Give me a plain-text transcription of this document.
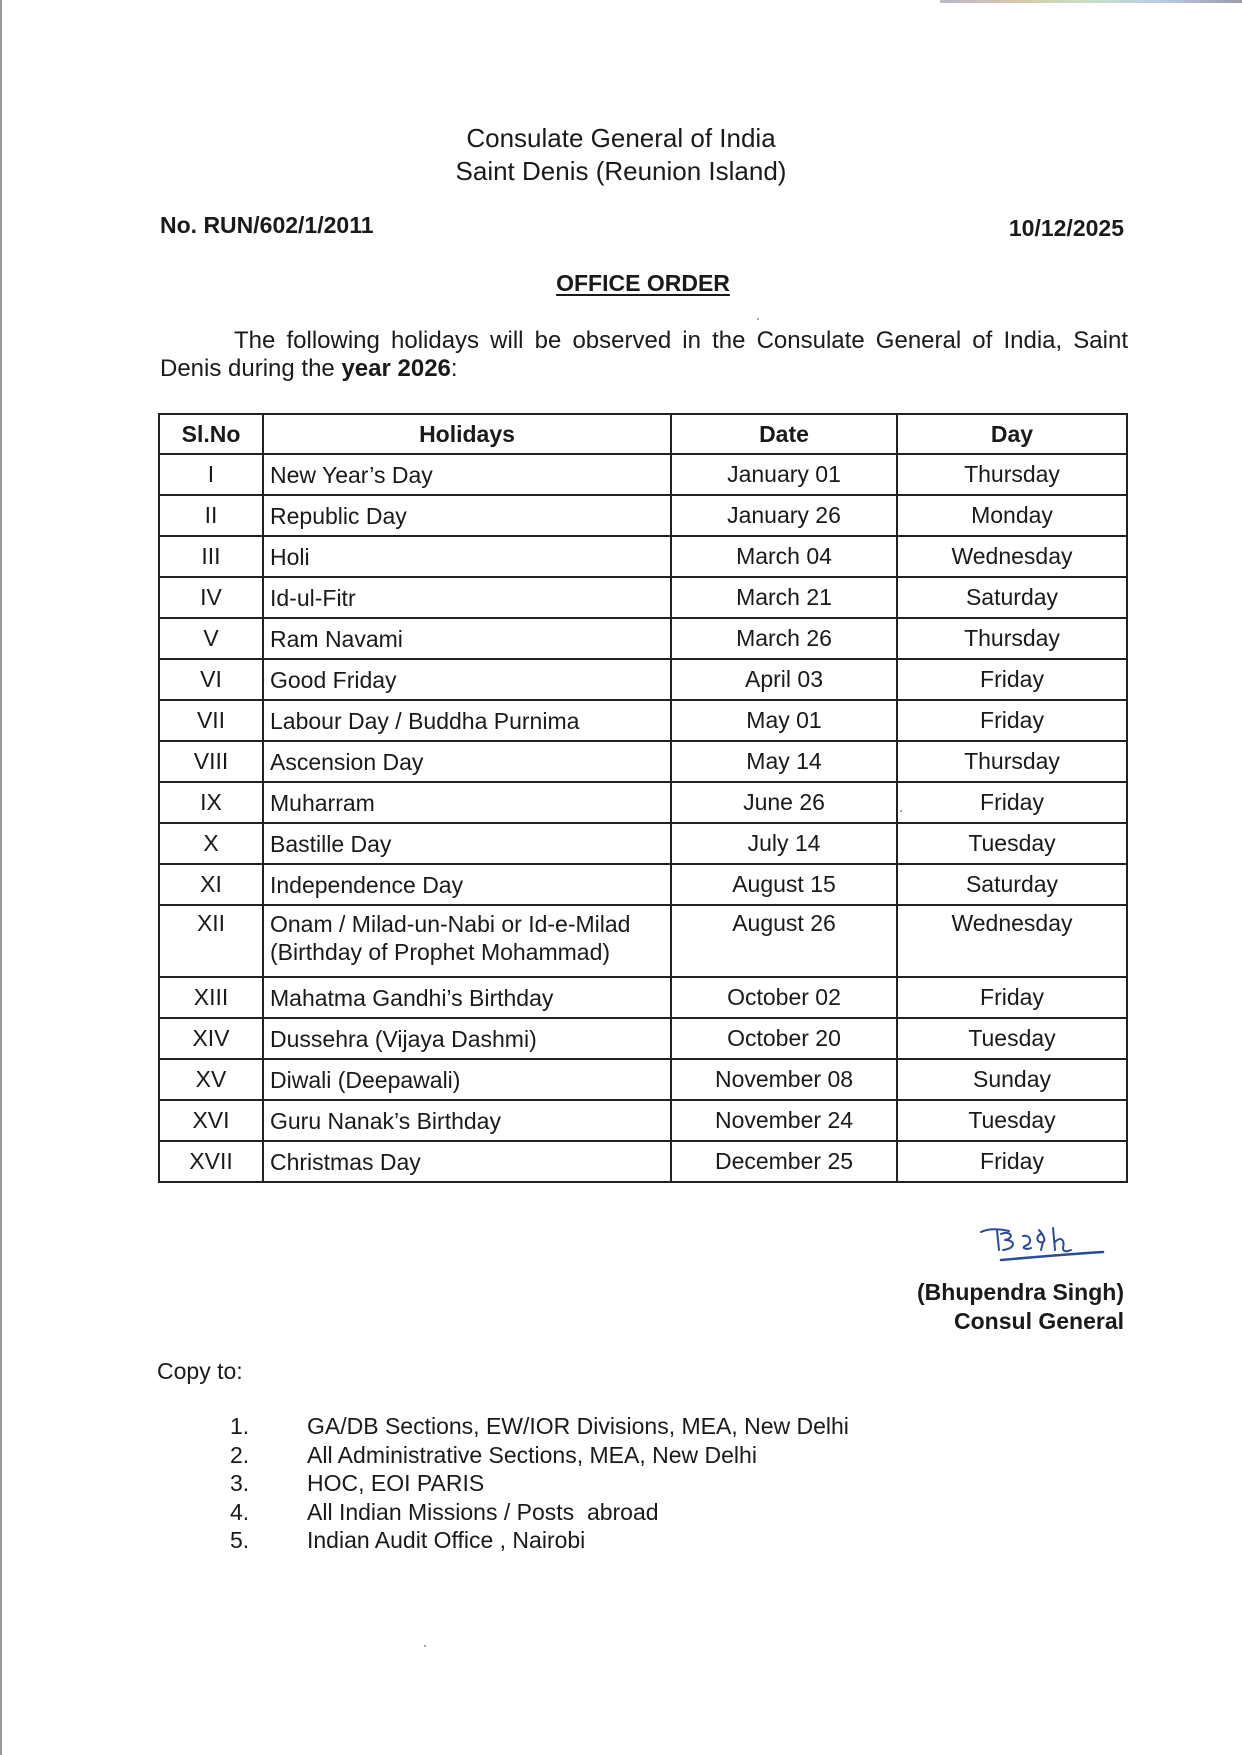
Consulate General of India
Saint Denis (Reunion Island)
No. RUN/602/1/2011	10/12/2025
OFFICE ORDER

The following holidays will be observed in the Consulate General of India, Saint Denis during the year 2026:

Sl.No	Holidays	Date	Day
I	New Year’s Day	January 01	Thursday
II	Republic Day	January 26	Monday
III	Holi	March 04	Wednesday
IV	Id-ul-Fitr	March 21	Saturday
V	Ram Navami	March 26	Thursday
VI	Good Friday	April 03	Friday
VII	Labour Day / Buddha Purnima	May 01	Friday
VIII	Ascension Day	May 14	Thursday
IX	Muharram	June 26	Friday
X	Bastille Day	July 14	Tuesday
XI	Independence Day	August 15	Saturday
XII	Onam / Milad-un-Nabi or Id-e-Milad
(Birthday of Prophet Mohammad)	August 26	Wednesday
XIII	Mahatma Gandhi’s Birthday	October 02	Friday
XIV	Dussehra (Vijaya Dashmi)	October 20	Tuesday
XV	Diwali (Deepawali)	November 08	Sunday
XVI	Guru Nanak’s Birthday	November 24	Tuesday
XVII	Christmas Day	December 25	Friday
(Bhupendra Singh)
Consul General
Copy to:
1.	GA/DB Sections, EW/IOR Divisions, MEA, New Delhi
2.	All Administrative Sections, MEA, New Delhi
3.	HOC, EOI PARIS
4.	All Indian Missions / Posts  abroad
5.	Indian Audit Office , Nairobi
